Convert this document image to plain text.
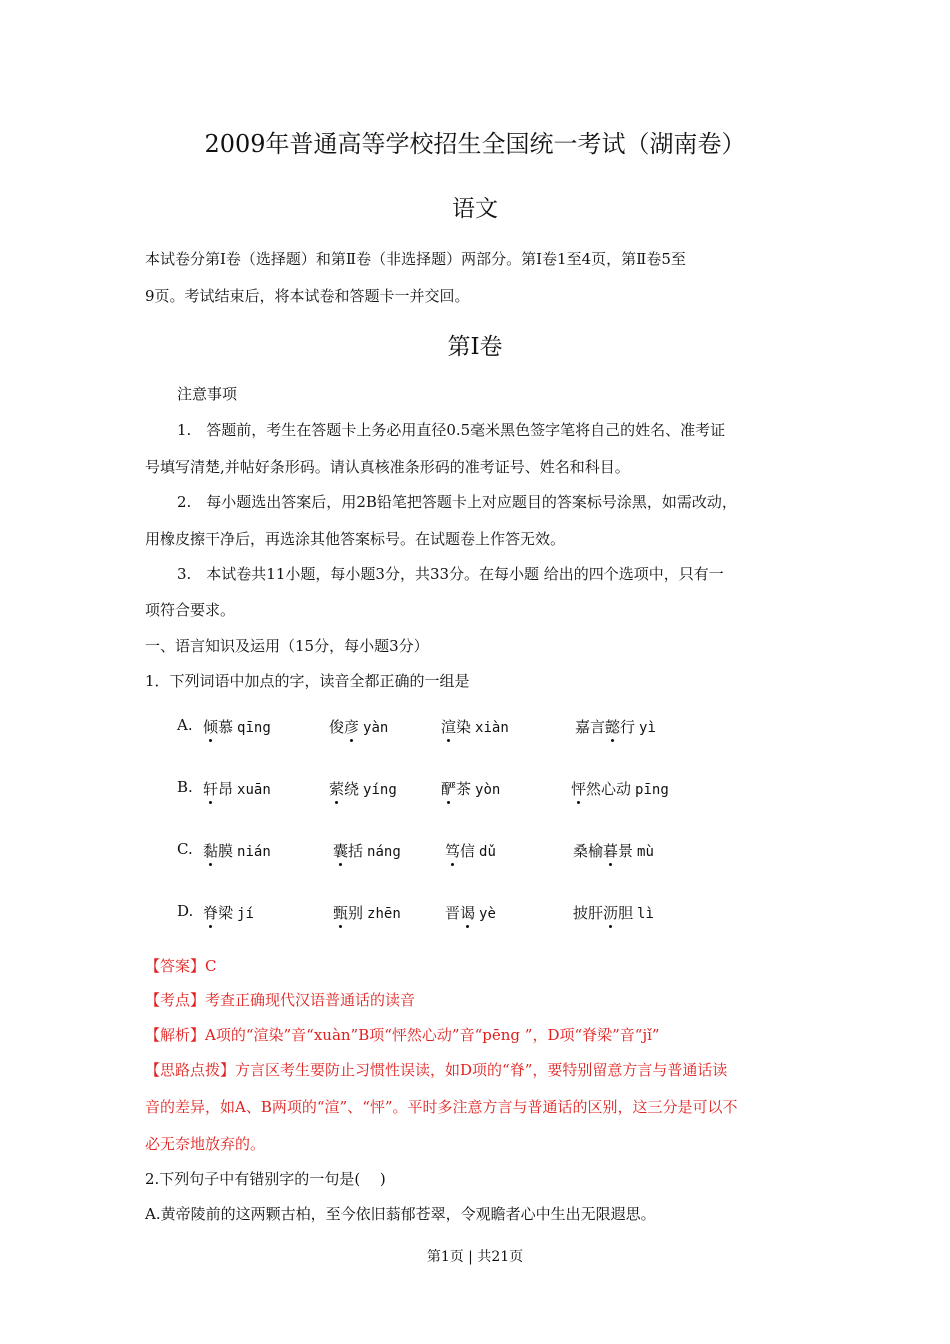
2009年普通高等学校招生全国统一考试（湖南卷）
语文
本试卷分第Ⅰ卷（选择题）和第Ⅱ卷（非选择题）两部分。第Ⅰ卷1至4页，第Ⅱ卷5至
9页。考试结束后，将本试卷和答题卡一并交回。
第Ⅰ卷
注意事项
1.　答题前，考生在答题卡上务必用直径0.5毫米黑色签字笔将自己的姓名、准考证
号填写清楚,并帖好条形码。请认真核准条形码的准考证号、姓名和科目。
2.　每小题选出答案后，用2B铅笔把答题卡上对应题目的答案标号涂黑，如需改动，
用橡皮擦干净后，再选涂其他答案标号。在试题卷上作答无效。
3.　本试卷共11小题，每小题3分，共33分。在每小题 给出的四个选项中，只有一
项符合要求。
一、语言知识及运用（15分，每小题3分）
1．下列词语中加点的字，读音全都正确的一组是
A. 倾慕 qīng	俊彦 yàn	渲染 xiàn	嘉言懿行 yì
B. 轩昂 xuān	萦绕 yíng	酽茶 yòn	怦然心动 pīng
C. 黏膜 nián	囊括 náng	笃信 dǔ	桑榆暮景 mù
D. 脊梁 jí	甄别 zhēn	晋谒 yè	披肝沥胆 lì
【答案】C
【考点】考查正确现代汉语普通话的读音
【解析】A项的“渲染”音“xuàn”B项“怦然心动”音“pēng ”，D项“脊梁”音“jǐ”
【思路点拨】方言区考生要防止习惯性误读，如D项的“脊”，要特别留意方言与普通话读
音的差异，如A、B两项的“渲”、“怦”。平时多注意方言与普通话的区别，这三分是可以不
必无奈地放弃的。
2.下列句子中有错别字的一句是(　 )
A.黄帝陵前的这两颗古柏，至今依旧蓊郁苍翠，令观瞻者心中生出无限遐思。
第1页 | 共21页
